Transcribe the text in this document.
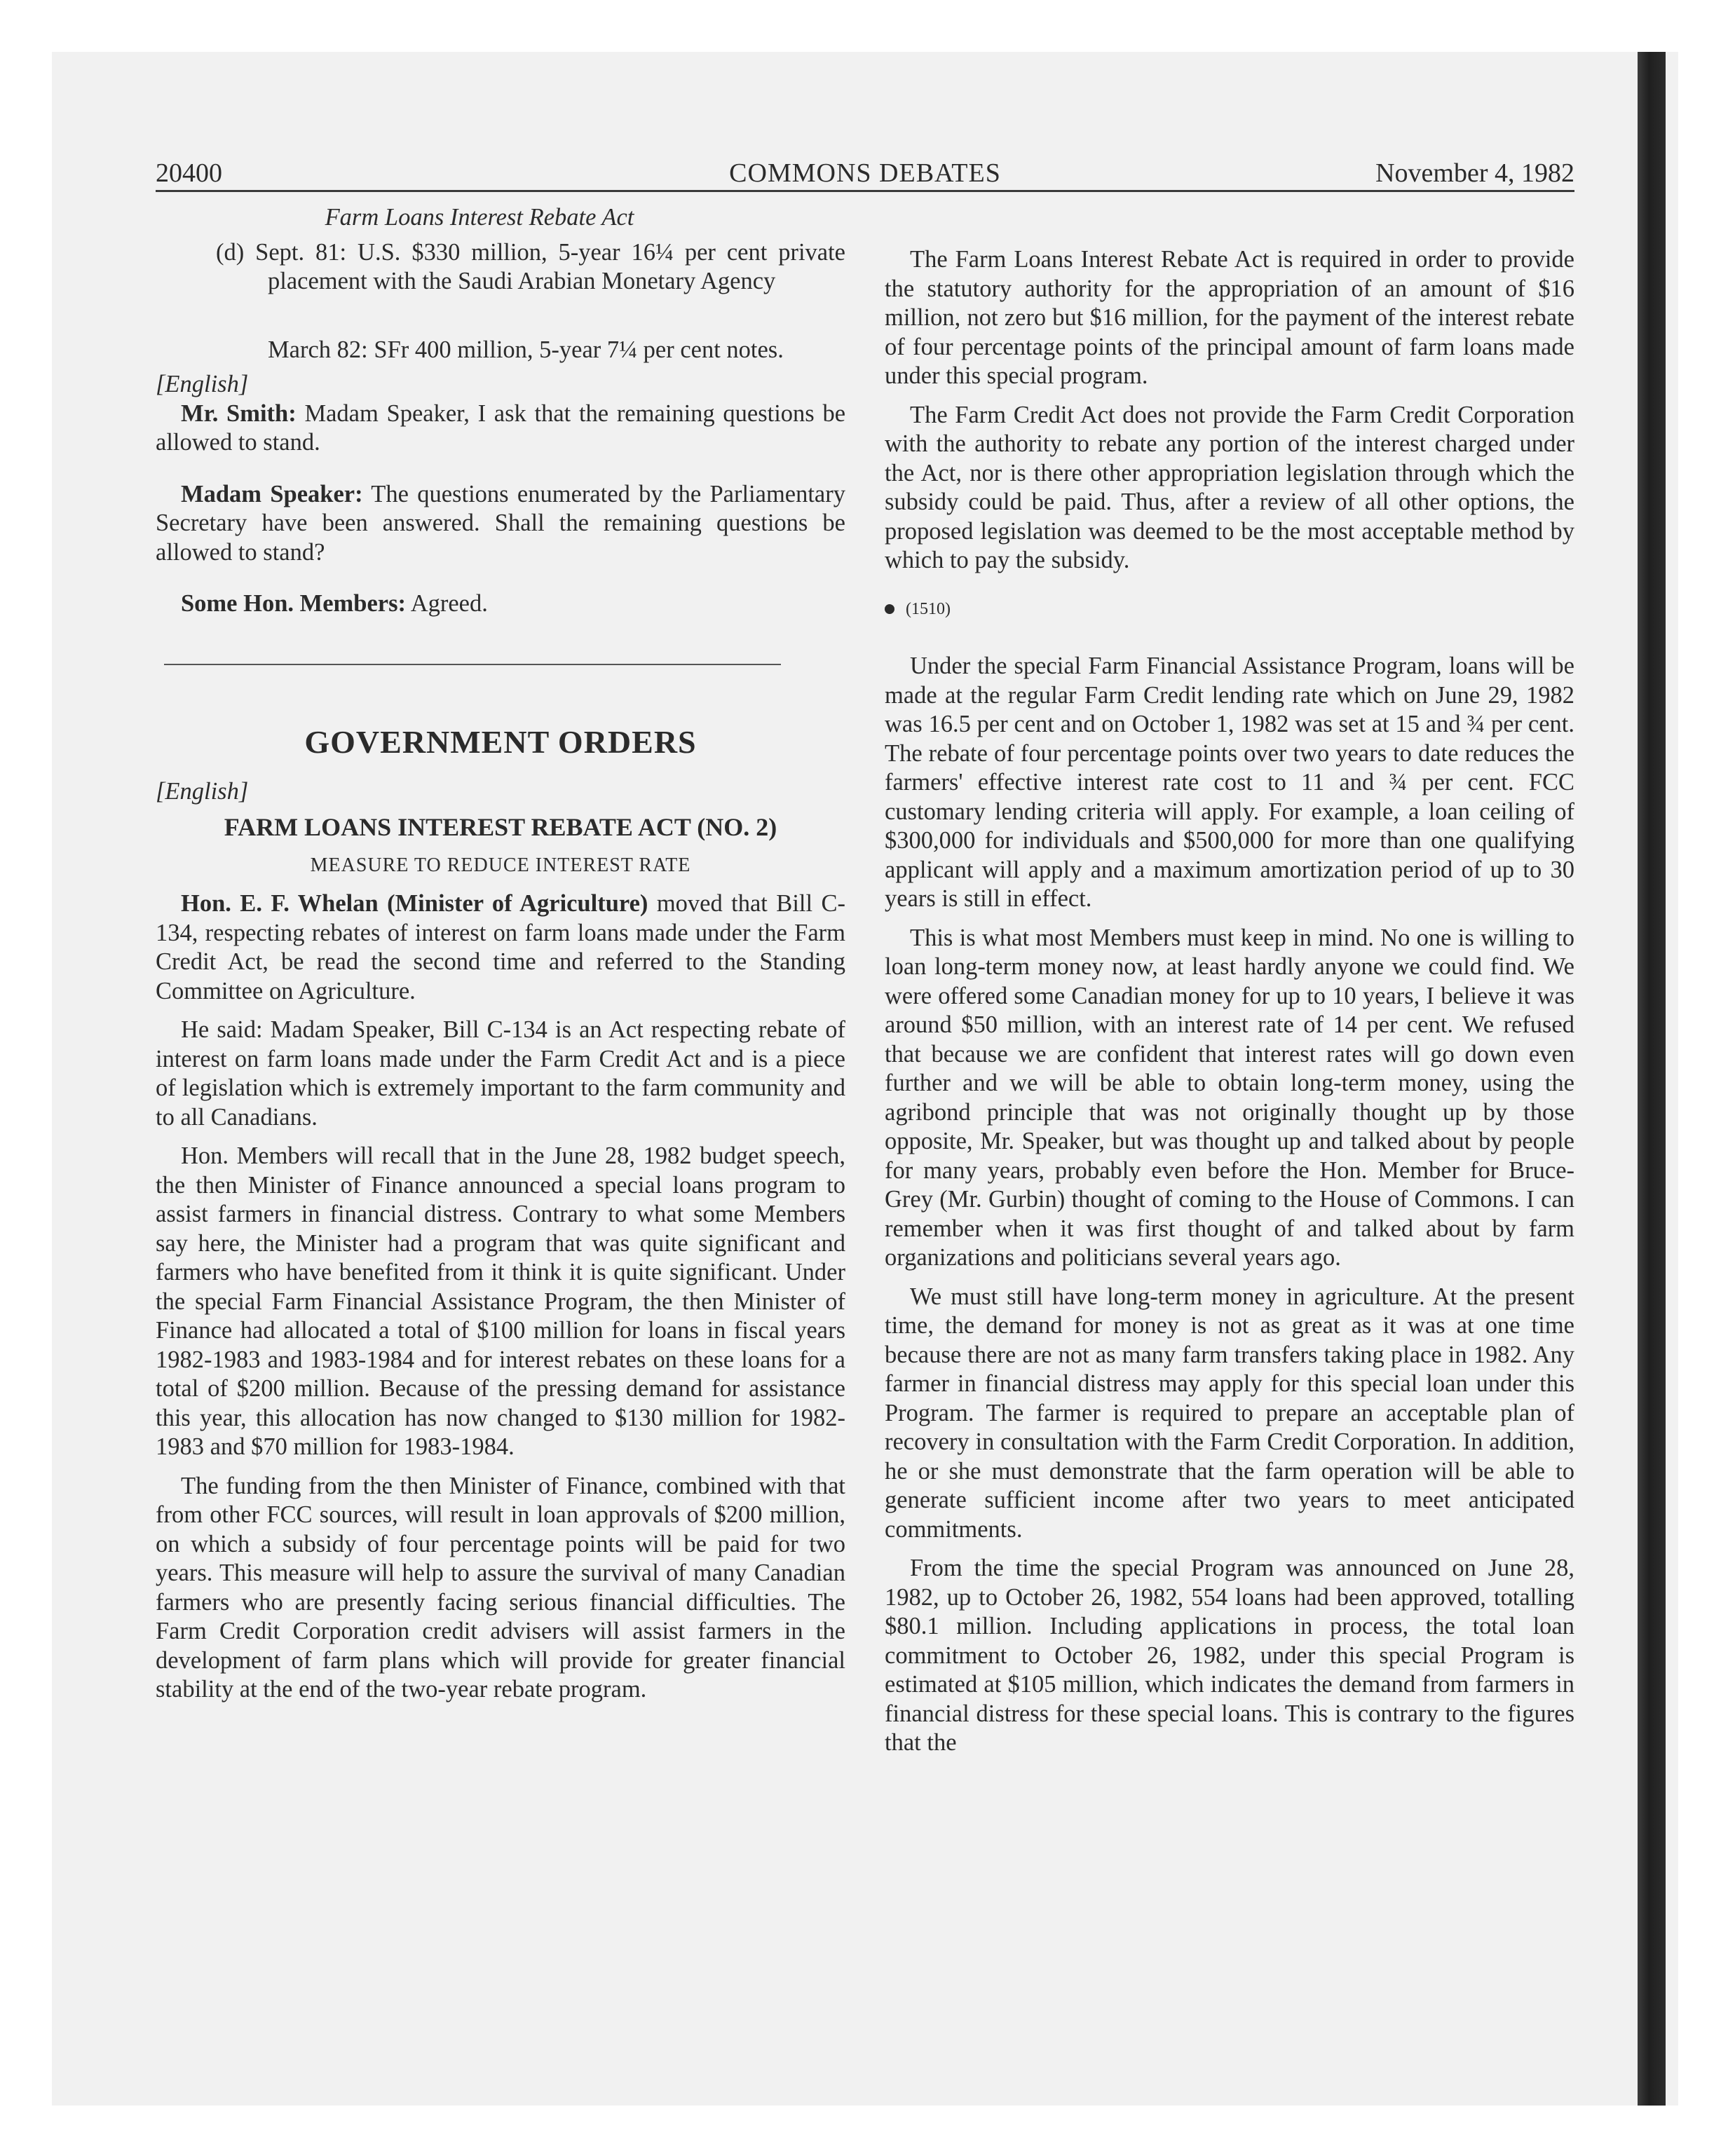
20400	COMMONS DEBATES	November 4, 1982

Farm Loans Interest Rebate Act

(d) Sept. 81: U.S. $330 million, 5-year 16¼ per cent private placement with the Saudi Arabian Monetary Agency

March 82: SFr 400 million, 5-year 7¼ per cent notes.

[English]

Mr. Smith: Madam Speaker, I ask that the remaining questions be allowed to stand.

Madam Speaker: The questions enumerated by the Parliamentary Secretary have been answered. Shall the remaining questions be allowed to stand?

Some Hon. Members: Agreed.

GOVERNMENT ORDERS

[English]

FARM LOANS INTEREST REBATE ACT (NO. 2)

MEASURE TO REDUCE INTEREST RATE

Hon. E. F. Whelan (Minister of Agriculture) moved that Bill C-134, respecting rebates of interest on farm loans made under the Farm Credit Act, be read the second time and referred to the Standing Committee on Agriculture.

He said: Madam Speaker, Bill C-134 is an Act respecting rebate of interest on farm loans made under the Farm Credit Act and is a piece of legislation which is extremely important to the farm community and to all Canadians.

Hon. Members will recall that in the June 28, 1982 budget speech, the then Minister of Finance announced a special loans program to assist farmers in financial distress. Contrary to what some Members say here, the Minister had a program that was quite significant and farmers who have benefited from it think it is quite significant. Under the special Farm Financial Assistance Program, the then Minister of Finance had allocated a total of $100 million for loans in fiscal years 1982-1983 and 1983-1984 and for interest rebates on these loans for a total of $200 million. Because of the pressing demand for assistance this year, this allocation has now changed to $130 million for 1982-1983 and $70 million for 1983-1984.

The funding from the then Minister of Finance, combined with that from other FCC sources, will result in loan approvals of $200 million, on which a subsidy of four percentage points will be paid for two years. This measure will help to assure the survival of many Canadian farmers who are presently facing serious financial difficulties. The Farm Credit Corporation credit advisers will assist farmers in the development of farm plans which will provide for greater financial stability at the end of the two-year rebate program.

The Farm Loans Interest Rebate Act is required in order to provide the statutory authority for the appropriation of an amount of $16 million, not zero but $16 million, for the payment of the interest rebate of four percentage points of the principal amount of farm loans made under this special program.

The Farm Credit Act does not provide the Farm Credit Corporation with the authority to rebate any portion of the interest charged under the Act, nor is there other appropriation legislation through which the subsidy could be paid. Thus, after a review of all other options, the proposed legislation was deemed to be the most acceptable method by which to pay the subsidy.

(1510)

Under the special Farm Financial Assistance Program, loans will be made at the regular Farm Credit lending rate which on June 29, 1982 was 16.5 per cent and on October 1, 1982 was set at 15 and ¾ per cent. The rebate of four percentage points over two years to date reduces the farmers' effective interest rate cost to 11 and ¾ per cent. FCC customary lending criteria will apply. For example, a loan ceiling of $300,000 for individuals and $500,000 for more than one qualifying applicant will apply and a maximum amortization period of up to 30 years is still in effect.

This is what most Members must keep in mind. No one is willing to loan long-term money now, at least hardly anyone we could find. We were offered some Canadian money for up to 10 years, I believe it was around $50 million, with an interest rate of 14 per cent. We refused that because we are confident that interest rates will go down even further and we will be able to obtain long-term money, using the agribond principle that was not originally thought up by those opposite, Mr. Speaker, but was thought up and talked about by people for many years, probably even before the Hon. Member for Bruce-Grey (Mr. Gurbin) thought of coming to the House of Commons. I can remember when it was first thought of and talked about by farm organizations and politicians several years ago.

We must still have long-term money in agriculture. At the present time, the demand for money is not as great as it was at one time because there are not as many farm transfers taking place in 1982. Any farmer in financial distress may apply for this special loan under this Program. The farmer is required to prepare an acceptable plan of recovery in consultation with the Farm Credit Corporation. In addition, he or she must demonstrate that the farm operation will be able to generate sufficient income after two years to meet anticipated commitments.

From the time the special Program was announced on June 28, 1982, up to October 26, 1982, 554 loans had been approved, totalling $80.1 million. Including applications in process, the total loan commitment to October 26, 1982, under this special Program is estimated at $105 million, which indicates the demand from farmers in financial distress for these special loans. This is contrary to the figures that the
